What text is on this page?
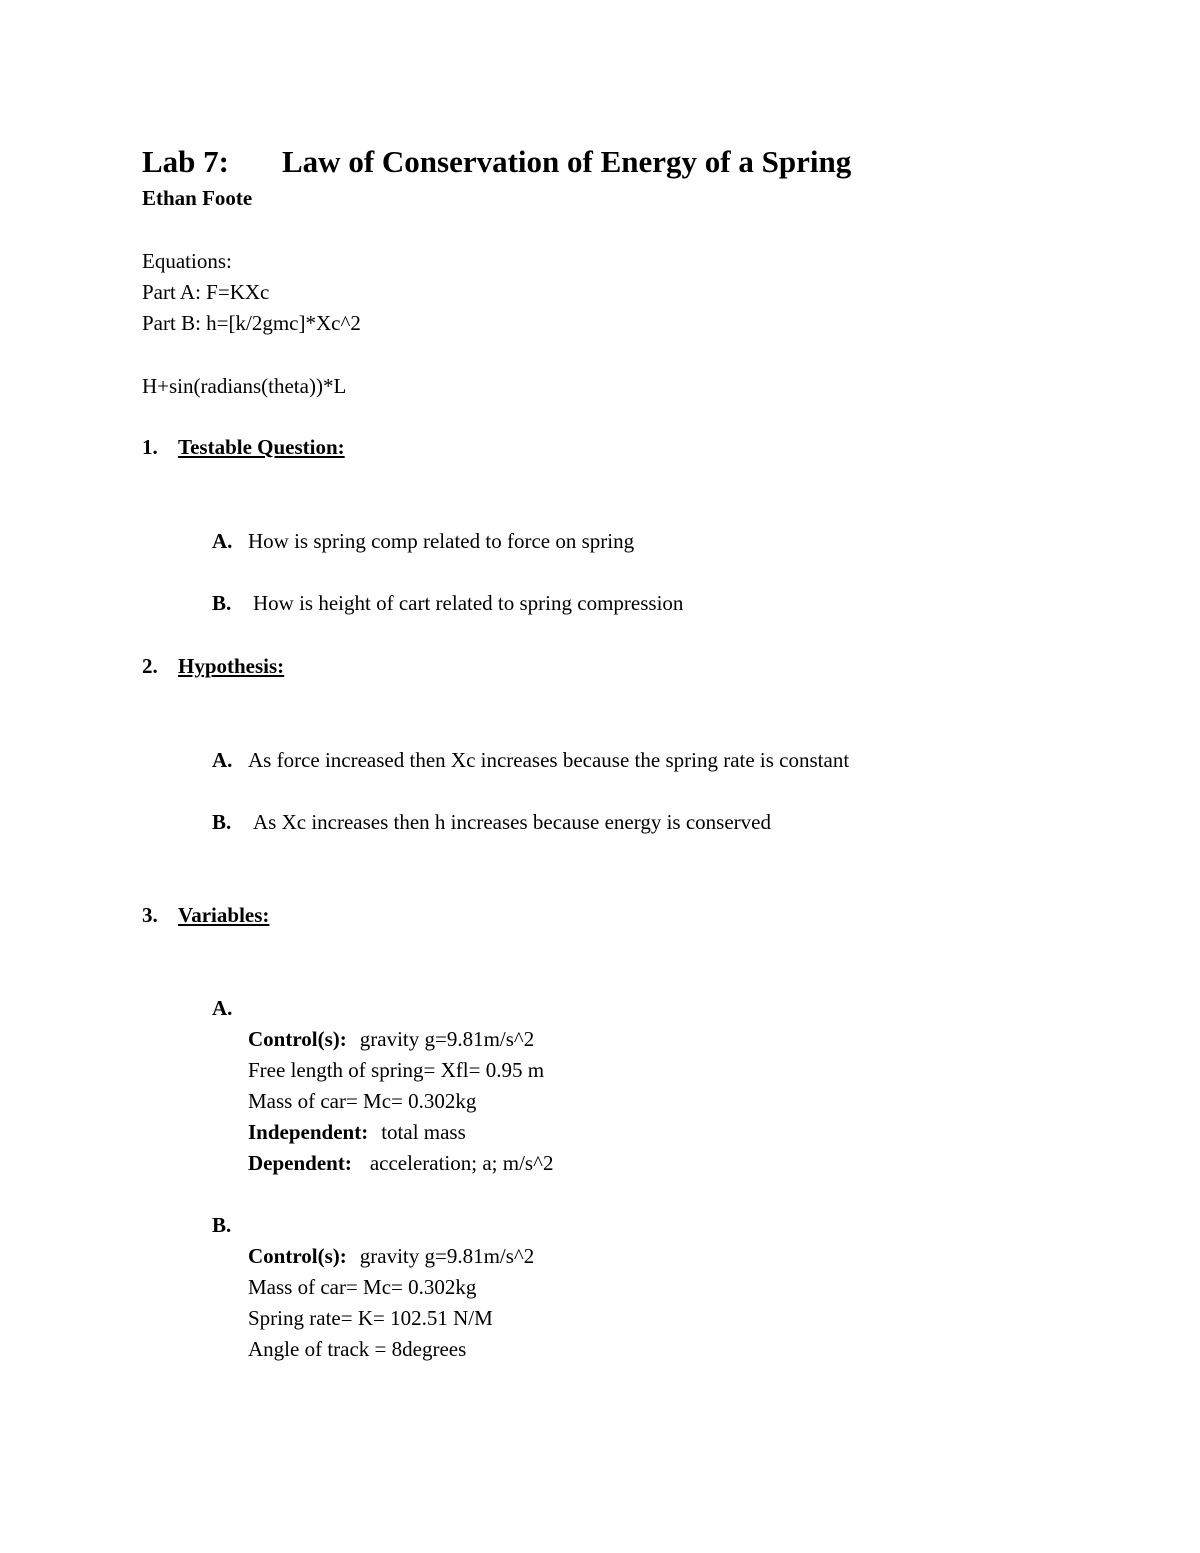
Lab 7: Law of Conservation of Energy of a Spring
Ethan Foote
Equations:
Part A: F=KXc
Part B: h=[k/2gmc]*Xc^2
H+sin(radians(theta))*L
1. Testable Question:
A. How is spring comp related to force on spring
B. How is height of cart related to spring compression
2. Hypothesis:
A. As force increased then Xc increases because the spring rate is constant
B. As Xc increases then h increases because energy is conserved
3. Variables:
A.
Control(s): gravity g=9.81m/s^2
Free length of spring= Xfl= 0.95 m
Mass of car= Mc= 0.302kg
Independent: total mass
Dependent: acceleration; a; m/s^2
B.
Control(s): gravity g=9.81m/s^2
Mass of car= Mc= 0.302kg
Spring rate= K= 102.51 N/M
Angle of track = 8degrees
